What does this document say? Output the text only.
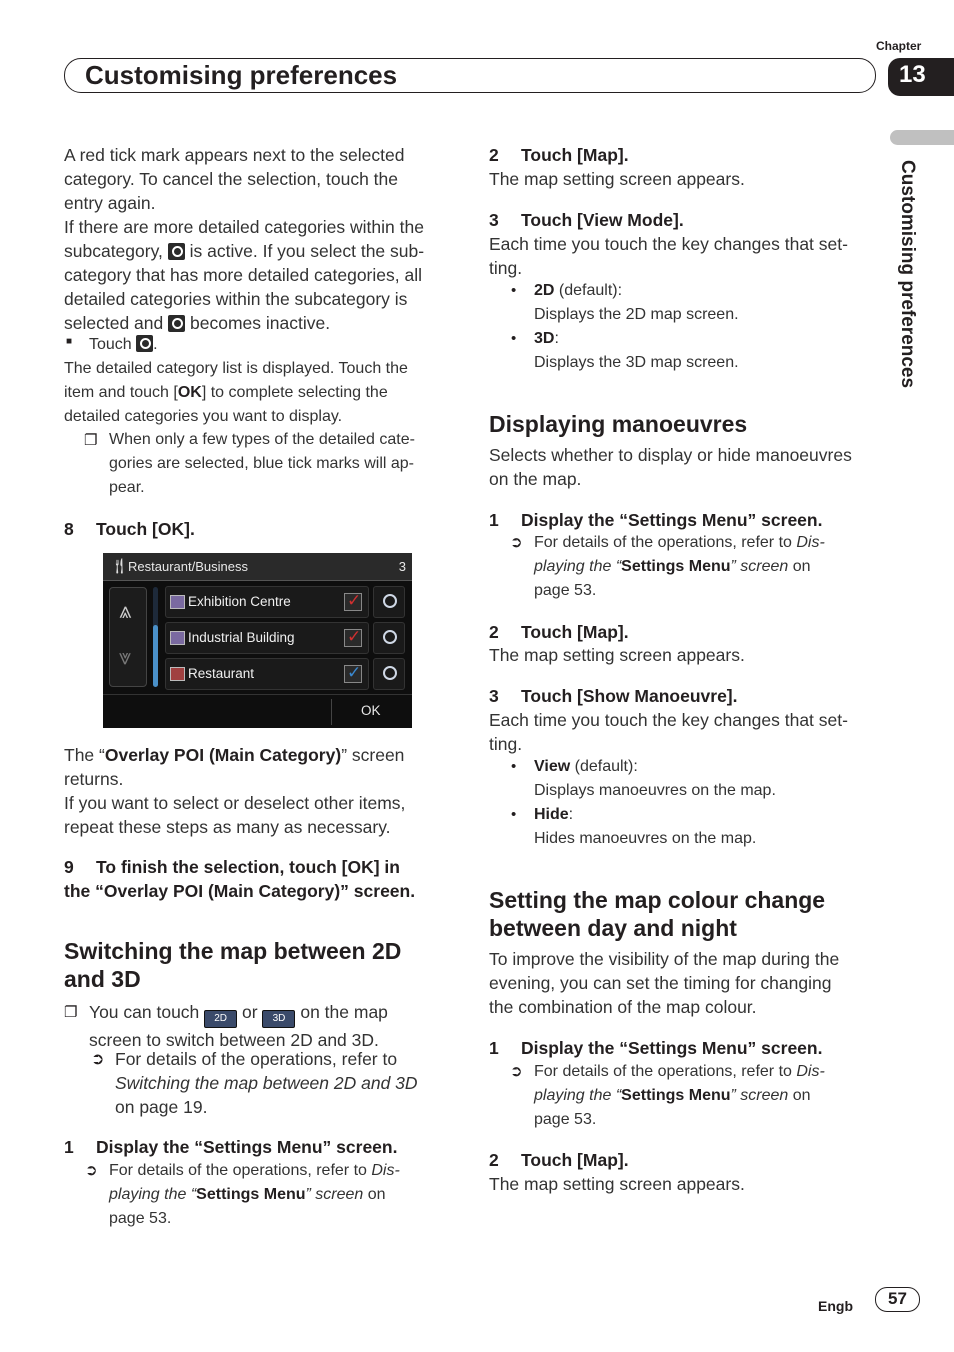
Chapter
13
Customising preferences
Customising preferences
A red tick mark appears next to the selected
category. To cancel the selection, touch the
entry again.
If there are more detailed categories within the
subcategory, is active. If you select the sub-
category that has more detailed categories, all
detailed categories within the subcategory is
selected and becomes inactive.
■ Touch .
The detailed category list is displayed. Touch the
item and touch [OK] to complete selecting the
detailed categories you want to display.
❐ When only a few types of the detailed cate-
gories are selected, blue tick marks will ap-
pear.
8 Touch [OK].
🍴︎
Restaurant/Business	3
⩓
⩔
Exhibition Centre
✓
Industrial Building
✓
Restaurant
✓
OK
The “Overlay POI (Main Category)” screen
returns.
If you want to select or deselect other items,
repeat these steps as many as necessary.
9 To finish the selection, touch [OK] in
the “Overlay POI (Main Category)” screen.
Switching the map between 2D
and 3D
❐ You can touch 2D or 3D on the map
screen to switch between 2D and 3D.
➲ For details of the operations, refer to
Switching the map between 2D and 3D
on page 19.
1 Display the “Settings Menu” screen.
➲ For details of the operations, refer to Dis-
playing the “Settings Menu” screen on
page 53.
2 Touch [Map].
The map setting screen appears.
3 Touch [View Mode].
Each time you touch the key changes that set-
ting.
• 2D (default):
Displays the 2D map screen.
• 3D:
Displays the 3D map screen.
Displaying manoeuvres
Selects whether to display or hide manoeuvres
on the map.
1 Display the “Settings Menu” screen.
➲ For details of the operations, refer to Dis-
playing the “Settings Menu” screen on
page 53.
2 Touch [Map].
The map setting screen appears.
3 Touch [Show Manoeuvre].
Each time you touch the key changes that set-
ting.
• View (default):
Displays manoeuvres on the map.
• Hide:
Hides manoeuvres on the map.
Setting the map colour change
between day and night
To improve the visibility of the map during the
evening, you can set the timing for changing
the combination of the map colour.
1 Display the “Settings Menu” screen.
➲ For details of the operations, refer to Dis-
playing the “Settings Menu” screen on
page 53.
2 Touch [Map].
The map setting screen appears.
Engb	57
